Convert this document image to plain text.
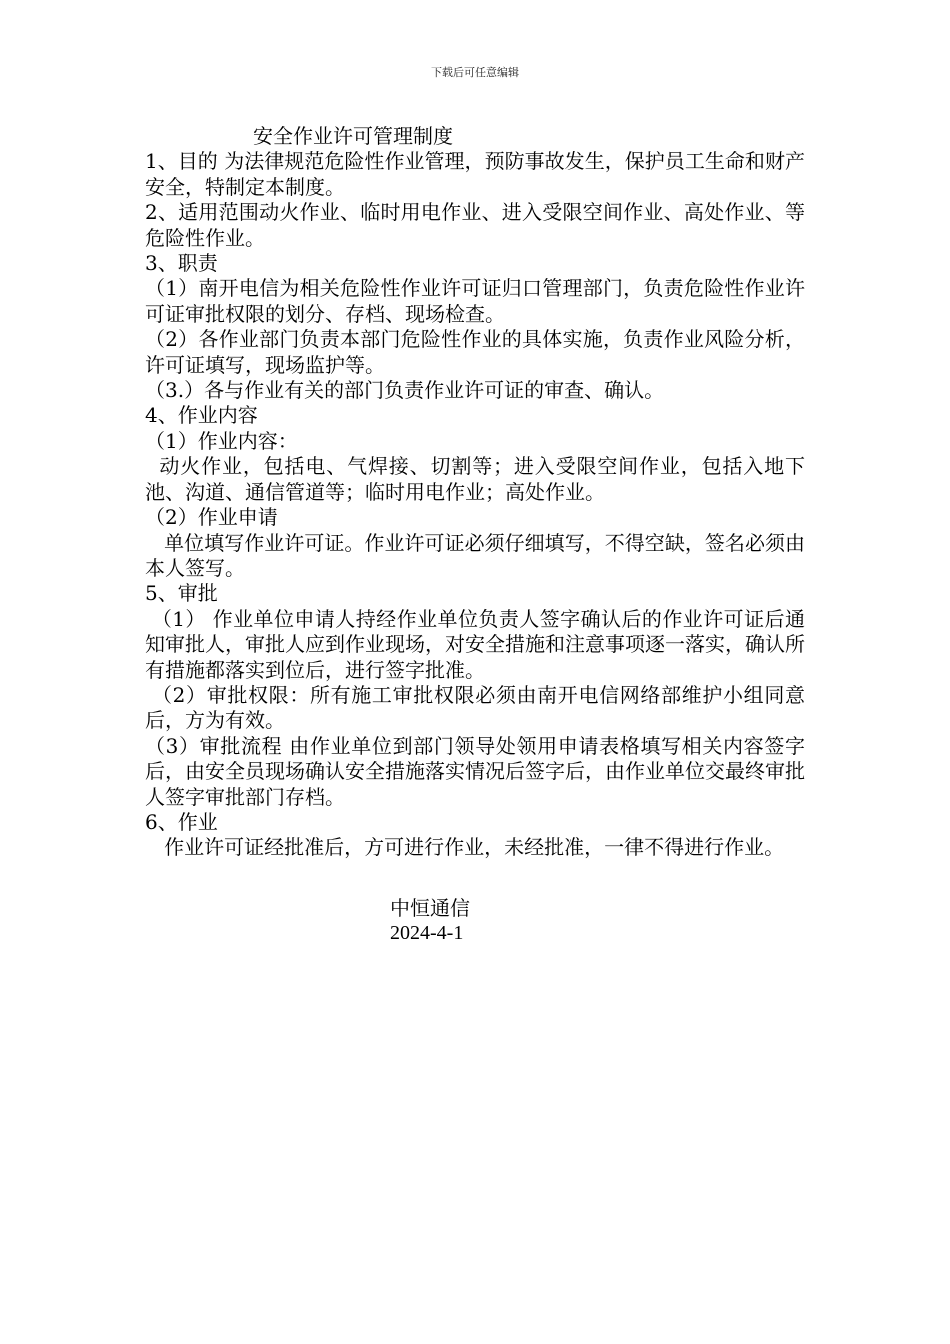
下载后可任意编辑

安全作业许可管理制度

1、目的 为法律规范危险性作业管理，预防事故发生，保护员工生命和财产安全，特制定本制度。

2、适用范围动火作业、临时用电作业、进入受限空间作业、高处作业、等危险性作业。

3、职责

（1）南开电信为相关危险性作业许可证归口管理部门，负责危险性作业许可证审批权限的划分、存档、现场检查。

（2）各作业部门负责本部门危险性作业的具体实施，负责作业风险分析，许可证填写，现场监护等。

（3.）各与作业有关的部门负责作业许可证的审查、确认。

4、作业内容

（1）作业内容：

动火作业，包括电、气焊接、切割等；进入受限空间作业，包括入地下池、沟道、通信管道等；临时用电作业；高处作业。

（2）作业申请

单位填写作业许可证。作业许可证必须仔细填写，不得空缺，签名必须由本人签写。

5、审批

（1） 作业单位申请人持经作业单位负责人签字确认后的作业许可证后通知审批人，审批人应到作业现场，对安全措施和注意事项逐一落实，确认所有措施都落实到位后，进行签字批准。

（2）审批权限：所有施工审批权限必须由南开电信网络部维护小组同意后，方为有效。

（3）审批流程 由作业单位到部门领导处领用申请表格填写相关内容签字后，由安全员现场确认安全措施落实情况后签字后，由作业单位交最终审批人签字审批部门存档。

6、作业

作业许可证经批准后，方可进行作业，未经批准，一律不得进行作业。

中恒通信
2024-4-1
